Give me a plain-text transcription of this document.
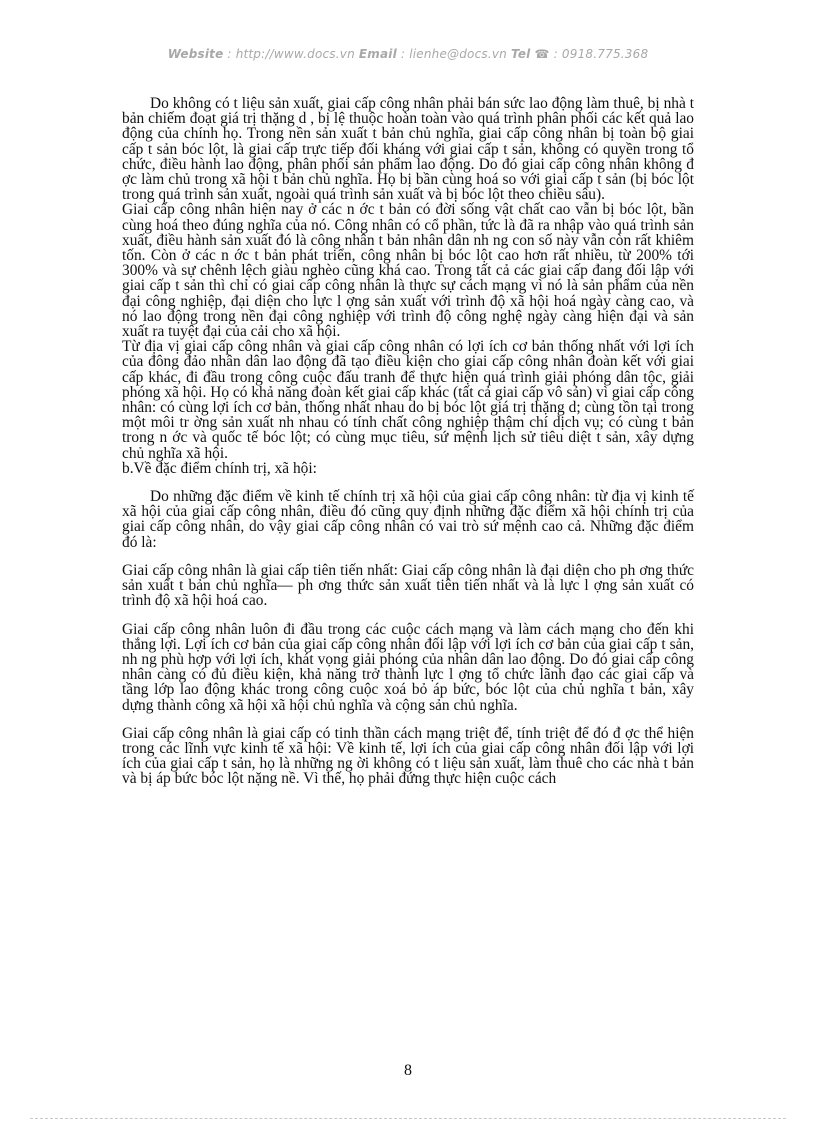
Website : http://www.docs.vn Email : lienhe@docs.vn Tel ☎ : 0918.775.368

Do không có t liệu sản xuất, giai cấp công nhân phải bán sức lao động làm thuê, bị nhà t bản chiếm đoạt giá trị thặng d , bị lệ thuộc hoàn toàn vào quá trình phân phối các kết quả lao động của chính họ. Trong nền sản xuất t bản chủ nghĩa, giai cấp công nhân bị toàn bộ giai cấp t sản bóc lột, là giai cấp trực tiếp đối kháng với giai cấp t sản, không có quyền trong tổ chức, điều hành lao động, phân phối sản phẩm lao động. Do đó giai cấp công nhân không đ ợc làm chủ trong xã hội t bản chủ nghĩa. Họ bị bần cùng hoá so với giai cấp t sản (bị bóc lột trong quá trình sản xuất, ngoài quá trình sản xuất và bị bóc lột theo chiều sâu).

Giai cấp công nhân hiện nay ở các n ớc t bản có đời sống vật chất cao vẫn bị bóc lột, bần cùng hoá theo đúng nghĩa của nó. Công nhân có cổ phần, tức là đã ra nhập vào quá trình sản xuất, điều hành sản xuất đó là công nhân t bản nhân dân nh ng con số này vẫn còn rất khiêm tốn. Còn ở các n ớc t bản phát triển, công nhân bị bóc lột cao hơn rất nhiều, từ 200% tới 300% và sự chênh lệch giàu nghèo cũng khá cao. Trong tất cả các giai cấp đang đối lập với giai cấp t sản thì chỉ có giai cấp công nhân là thực sự cách mạng vì nó là sản phẩm của nền đại công nghiệp, đại diện cho lực l ợng sản xuất với trình độ xã hội hoá ngày càng cao, và nó lao động trong nền đại công nghiệp với trình độ công nghệ ngày càng hiện đại và sản xuất ra tuyệt đại của cải cho xã hội.

Từ địa vị giai cấp công nhân và giai cấp công nhân có lợi ích cơ bản thống nhất với lợi ích của đông đảo nhân dân lao động đã tạo điều kiện cho giai cấp công nhân đoàn kết với giai cấp khác, đi đầu trong công cuộc đấu tranh để thực hiện quá trình giải phóng dân tộc, giải phóng xã hội. Họ có khả năng đoàn kết giai cấp khác (tất cả giai cấp vô sản) vì giai cấp công nhân: có cùng lợi ích cơ bản, thống nhất nhau do bị bóc lột giá trị thặng d; cùng tồn tại trong một môi tr ờng sản xuất nh nhau có tính chất công nghiệp thậm chí dịch vụ; có cùng t bản trong n ớc và quốc tế bóc lột; có cùng mục tiêu, sứ mệnh lịch sử tiêu diệt t sản, xây dựng chủ nghĩa xã hội.

b.Về đặc điểm chính trị, xã hội:

Do những đặc điểm về kinh tế chính trị xã hội của giai cấp công nhân: từ địa vị kinh tế xã hội của giai cấp công nhân, điều đó cũng quy định những đặc điểm xã hội chính trị của giai cấp công nhân, do vậy giai cấp công nhân có vai trò sứ mệnh cao cả. Những đặc điểm đó là:

Giai cấp công nhân là giai cấp tiên tiến nhất: Giai cấp công nhân là đại diện cho ph ơng thức sản xuất t bản chủ nghĩa— ph ơng thức sản xuất tiên tiến nhất và là lực l ợng sản xuất có trình độ xã hội hoá cao.

Giai cấp công nhân luôn đi đầu trong các cuộc cách mạng và làm cách mạng cho đến khi thắng lợi. Lợi ích cơ bản của giai cấp công nhân đối lập với lợi ích cơ bản của giai cấp t sản, nh ng phù hợp với lợi ích, khát vọng giải phóng của nhân dân lao động. Do đó giai cấp công nhân càng có đủ điều kiện, khả năng trở thành lực l ợng tổ chức lãnh đạo các giai cấp và tầng lớp lao động khác trong công cuộc xoá bỏ áp bức, bóc lột của chủ nghĩa t bản, xây dựng thành công xã hội xã hội chủ nghĩa và cộng sản chủ nghĩa.

Giai cấp công nhân là giai cấp có tinh thần cách mạng triệt để, tính triệt để đó đ ợc thể hiện trong các lĩnh vực kinh tế xã hội: Về kinh tế, lợi ích của giai cấp công nhân đối lập với lợi ích của giai cấp t sản, họ là những ng ời không có t liệu sản xuất, làm thuê cho các nhà t bản và bị áp bức bóc lột nặng nề. Vì thế, họ phải đứng thực hiện cuộc cách

8
